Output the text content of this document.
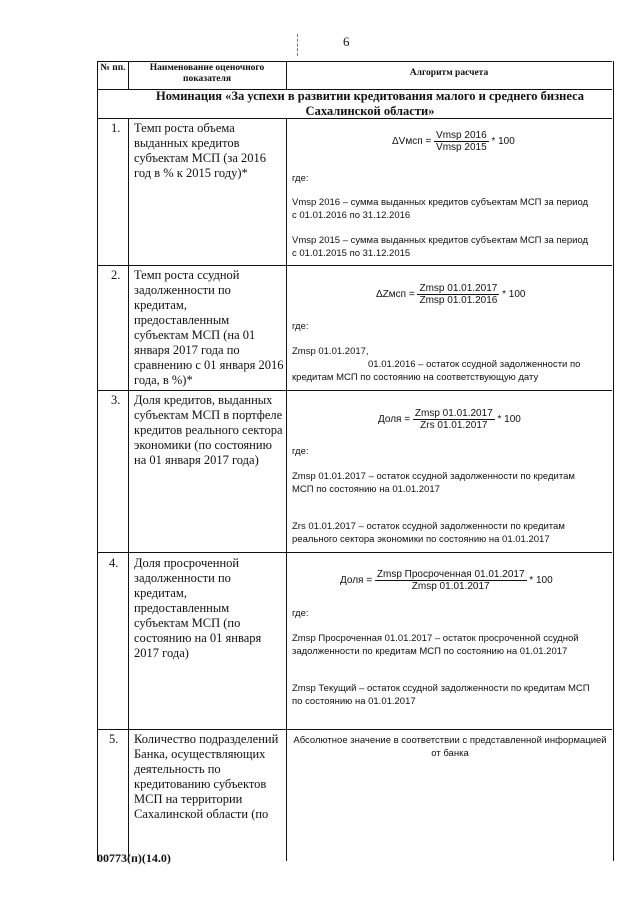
6
№ пп.	Наименование оценочного показателя
Алгоритм расчета
Номинация «За успехи в развитии кредитования малого и среднего бизнеса Сахалинской области»
1. Темп роста объема выданных кредитов субъектам МСП (за 2016 год в % к 2015 году)*
ΔVмсп = $\frac{\text{Vmsp 2016}}{\text{Vmsp 2015}} * 100$
где:
Vmsp 2016 – сумма выданных кредитов субъектам МСП за период с 01.01.2016 по 31.12.2016
Vmsp 2015 – сумма выданных кредитов субъектам МСП за период с 01.01.2015 по 31.12.2015
2. Темп роста ссудной задолженности по кредитам, предоставленным субъектам МСП (на 01 января 2017 года по сравнению с 01 января 2016 года, в %)*
ΔZмсп = $\frac{\text{Zmsp 01.01.2017}}{\text{Zmsp 01.01.2016}} * 100$
где:
Zmsp 01.01.2017,
01.01.2016 – остаток ссудной задолженности по кредитам МСП по состоянию на соответствующую дату
3. Доля кредитов, выданных субъектам МСП в портфеле кредитов реального сектора экономики (по состоянию на 01 января 2017 года)
Доля = $\frac{\text{Zmsp 01.01.2017}}{\text{Zrs 01.01.2017}} * 100$
где:
Zmsp 01.01.2017 – остаток ссудной задолженности по кредитам МСП по состоянию на 01.01.2017
Zrs 01.01.2017 – остаток ссудной задолженности по кредитам реального сектора экономики по состоянию на 01.01.2017
4. Доля просроченной задолженности по кредитам, предоставленным субъектам МСП (по состоянию на 01 января 2017 года)
Доля = $\frac{\text{Zmsp Просроченная 01.01.2017}}{\text{Zmsp 01.01.2017}} * 100$
где:
Zmsp Просроченная 01.01.2017 – остаток просроченной ссудной задолженности по кредитам МСП по состоянию на 01.01.2017
Zmsp Текущий – остаток ссудной задолженности по кредитам МСП по состоянию на 01.01.2017
5. Количество подразделений Банка, осуществляющих деятельность по кредитованию субъектов МСП на территории Сахалинской области (по
Абсолютное значение в соответствии с представленной информацией от банка
00773(п)(14.0)
